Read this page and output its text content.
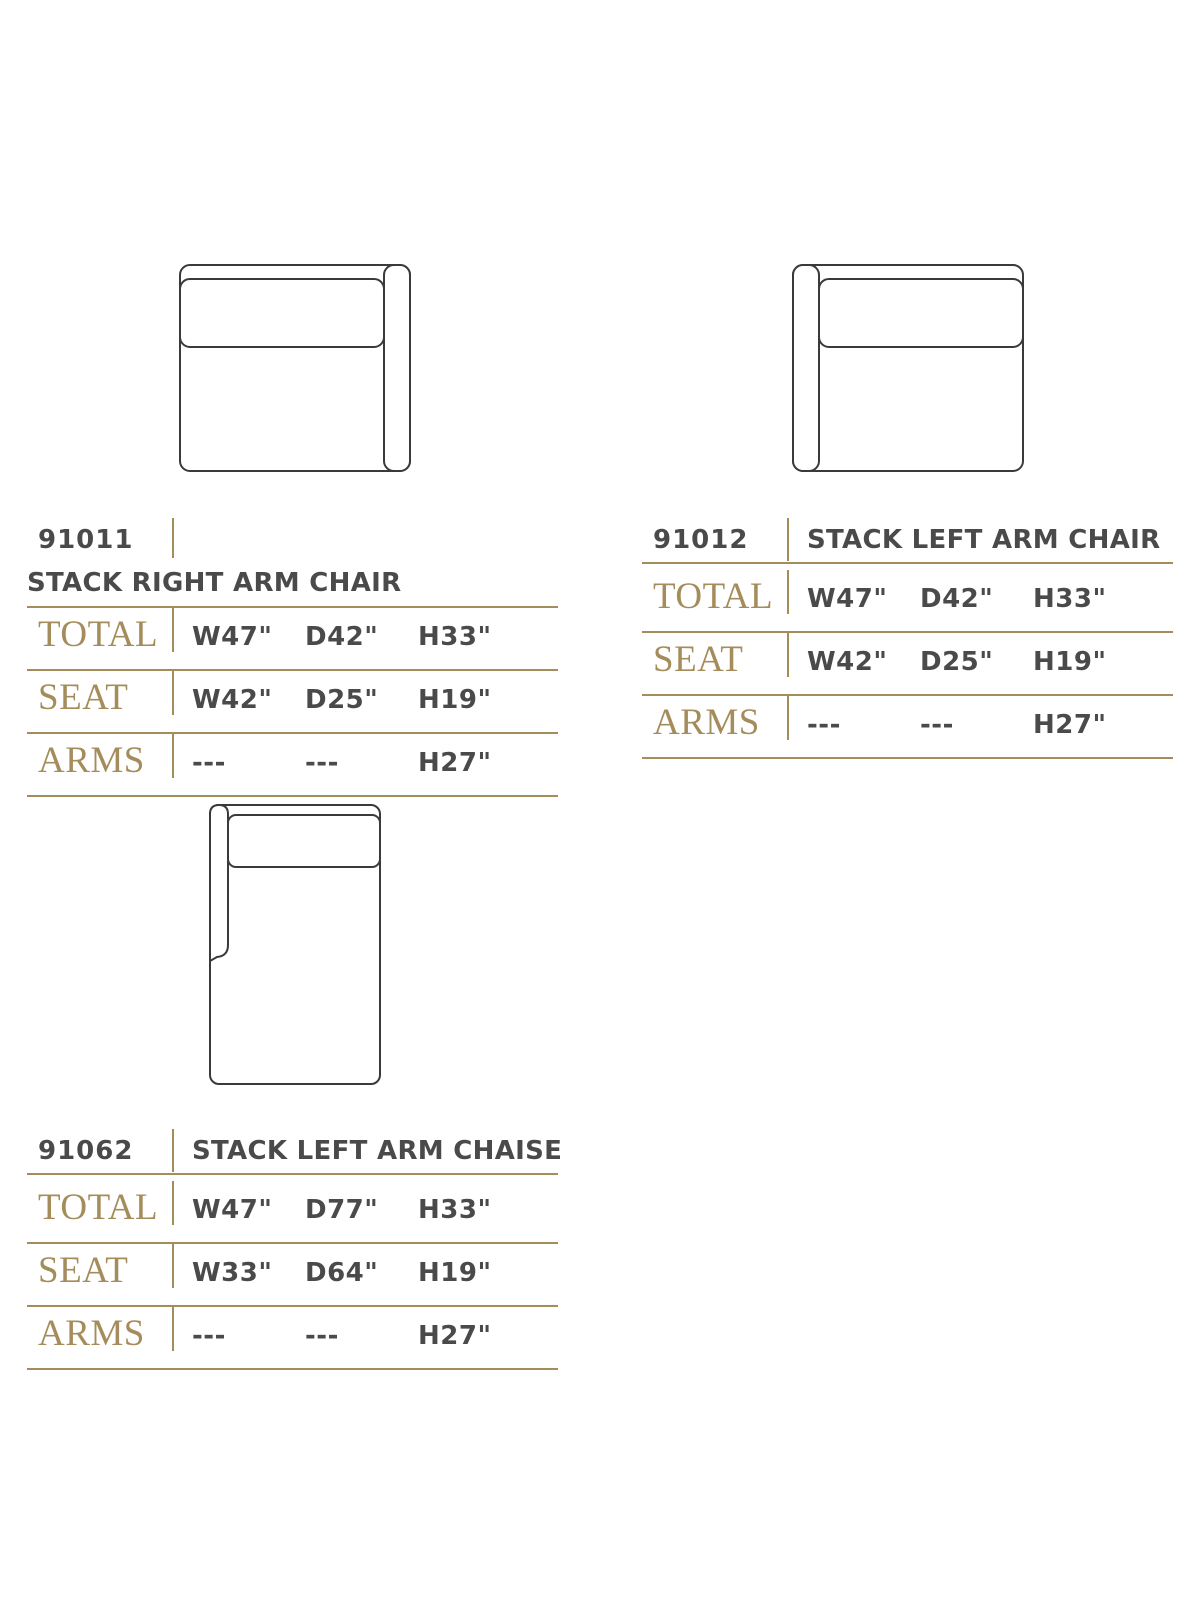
91011
STACK RIGHT ARM CHAIR
TOTAL W47" D42" H33"
SEAT W42" D25" H19"
ARMS ---	---	H27"
91012 STACK LEFT ARM CHAIR
TOTAL W47" D42" H33"
SEAT W42" D25" H19"
ARMS ---	---	H27"
91062 STACK LEFT ARM CHAISE
TOTAL W47" D77" H33"
SEAT W33" D64" H19"
ARMS ---	---	H27"
